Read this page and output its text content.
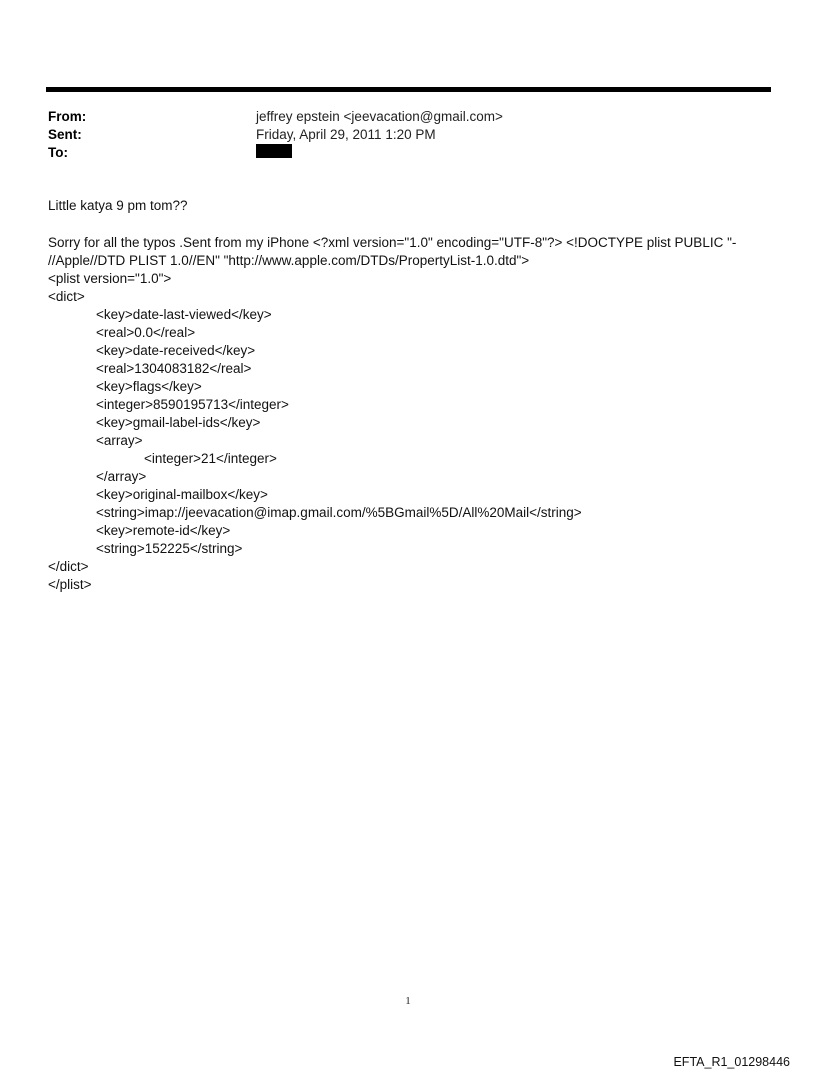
From:	jeffrey epstein <jeevacation@gmail.com>
Sent:	Friday, April 29, 2011 1:20 PM
To:
Little katya 9 pm tom??
Sorry for all the typos .Sent from my iPhone <?xml version="1.0" encoding="UTF-8"?> <!DOCTYPE plist PUBLIC "-
//Apple//DTD PLIST 1.0//EN" "http://www.apple.com/DTDs/PropertyList-1.0.dtd">
<plist version="1.0">
<dict>
<key>date-last-viewed</key>
<real>0.0</real>
<key>date-received</key>
<real>1304083182</real>
<key>flags</key>
<integer>8590195713</integer>
<key>gmail-label-ids</key>
<array>
<integer>21</integer>
</array>
<key>original-mailbox</key>
<string>imap://jeevacation@imap.gmail.com/%5BGmail%5D/All%20Mail</string>
<key>remote-id</key>
<string>152225</string>
</dict>
</plist>
1
EFTA_R1_01298446
